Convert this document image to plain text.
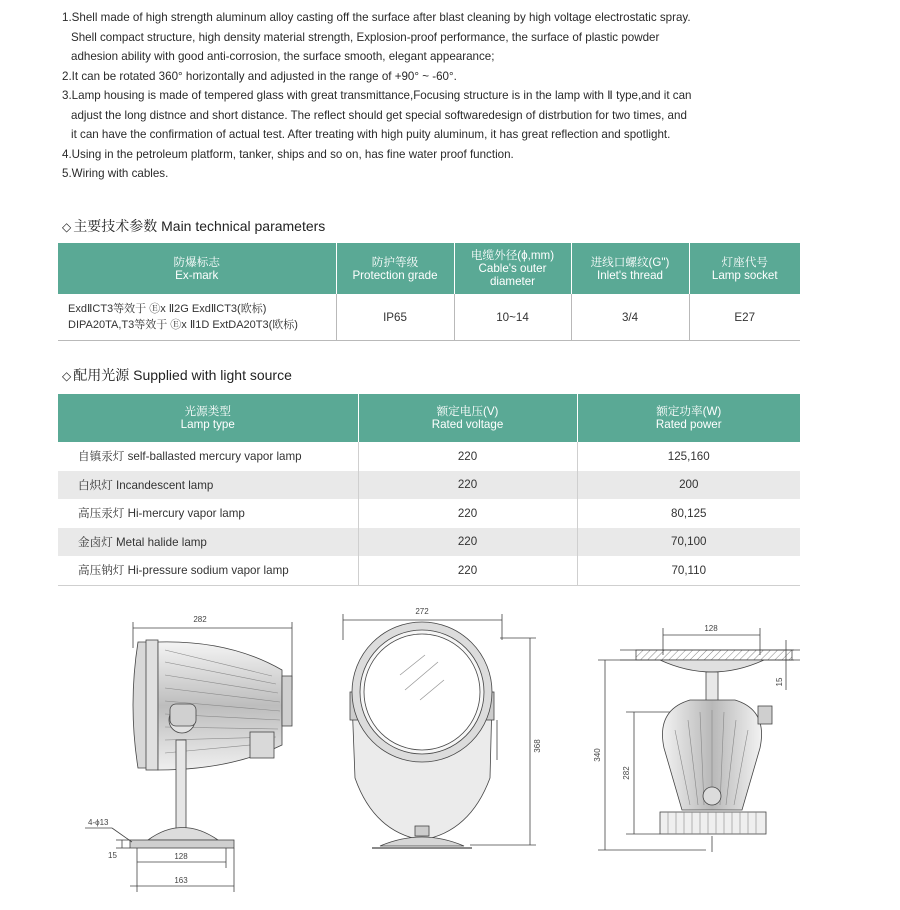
1.Shell made of high strength aluminum alloy casting off the surface after blast cleaning by high voltage electrostatic spray.
Shell compact structure, high density material strength, Explosion-proof performance, the surface of plastic powder
adhesion ability with good anti-corrosion, the surface smooth, elegant appearance;
2.It can be rotated 360° horizontally and adjusted in the range of +90° ~ -60°.
3.Lamp housing is made of tempered glass with great transmittance,Focusing structure is in the lamp with Ⅱ type,and it can
adjust the long distnce and short distance. The reflect should get special softwaredesign of distrbution for two times, and
it can have the confirmation of actual test. After treating with high puity aluminum, it has great reflection and spotlight.
4.Using in the petroleum platform, tanker, ships and so on, has fine water proof function.
5.Wiring with cables.
◇ 主要技术参数 Main technical parameters
防爆标志
Ex-mark	防护等级
Protection grade	电缆外径(ϕ,mm)
Cable's outer diameter	进线口螺纹(G")
Inlet's thread	灯座代号
Lamp socket

ExdⅡCT3等效于 Ⓔx Ⅱ2G ExdⅡCT3(欧标)
DIPA20TA,T3等效于 Ⓔx Ⅱ1D ExtDA20T3(欧标)	IP65	10~14	3/4	E27
◇ 配用光源 Supplied with light source
光源类型
Lamp type	额定电压(V)
Rated voltage	额定功率(W)
Rated power

自镇汞灯 self-ballasted mercury vapor lamp	220	125,160
白炽灯 Incandescent lamp	220	200
高压汞灯 Hi-mercury vapor lamp	220	80,125
金卤灯 Metal halide lamp	220	70,100
高压钠灯 Hi-pressure sodium vapor lamp	220	70,110
282
4-ϕ13
15	128
163
272
368
128
15
340
282
